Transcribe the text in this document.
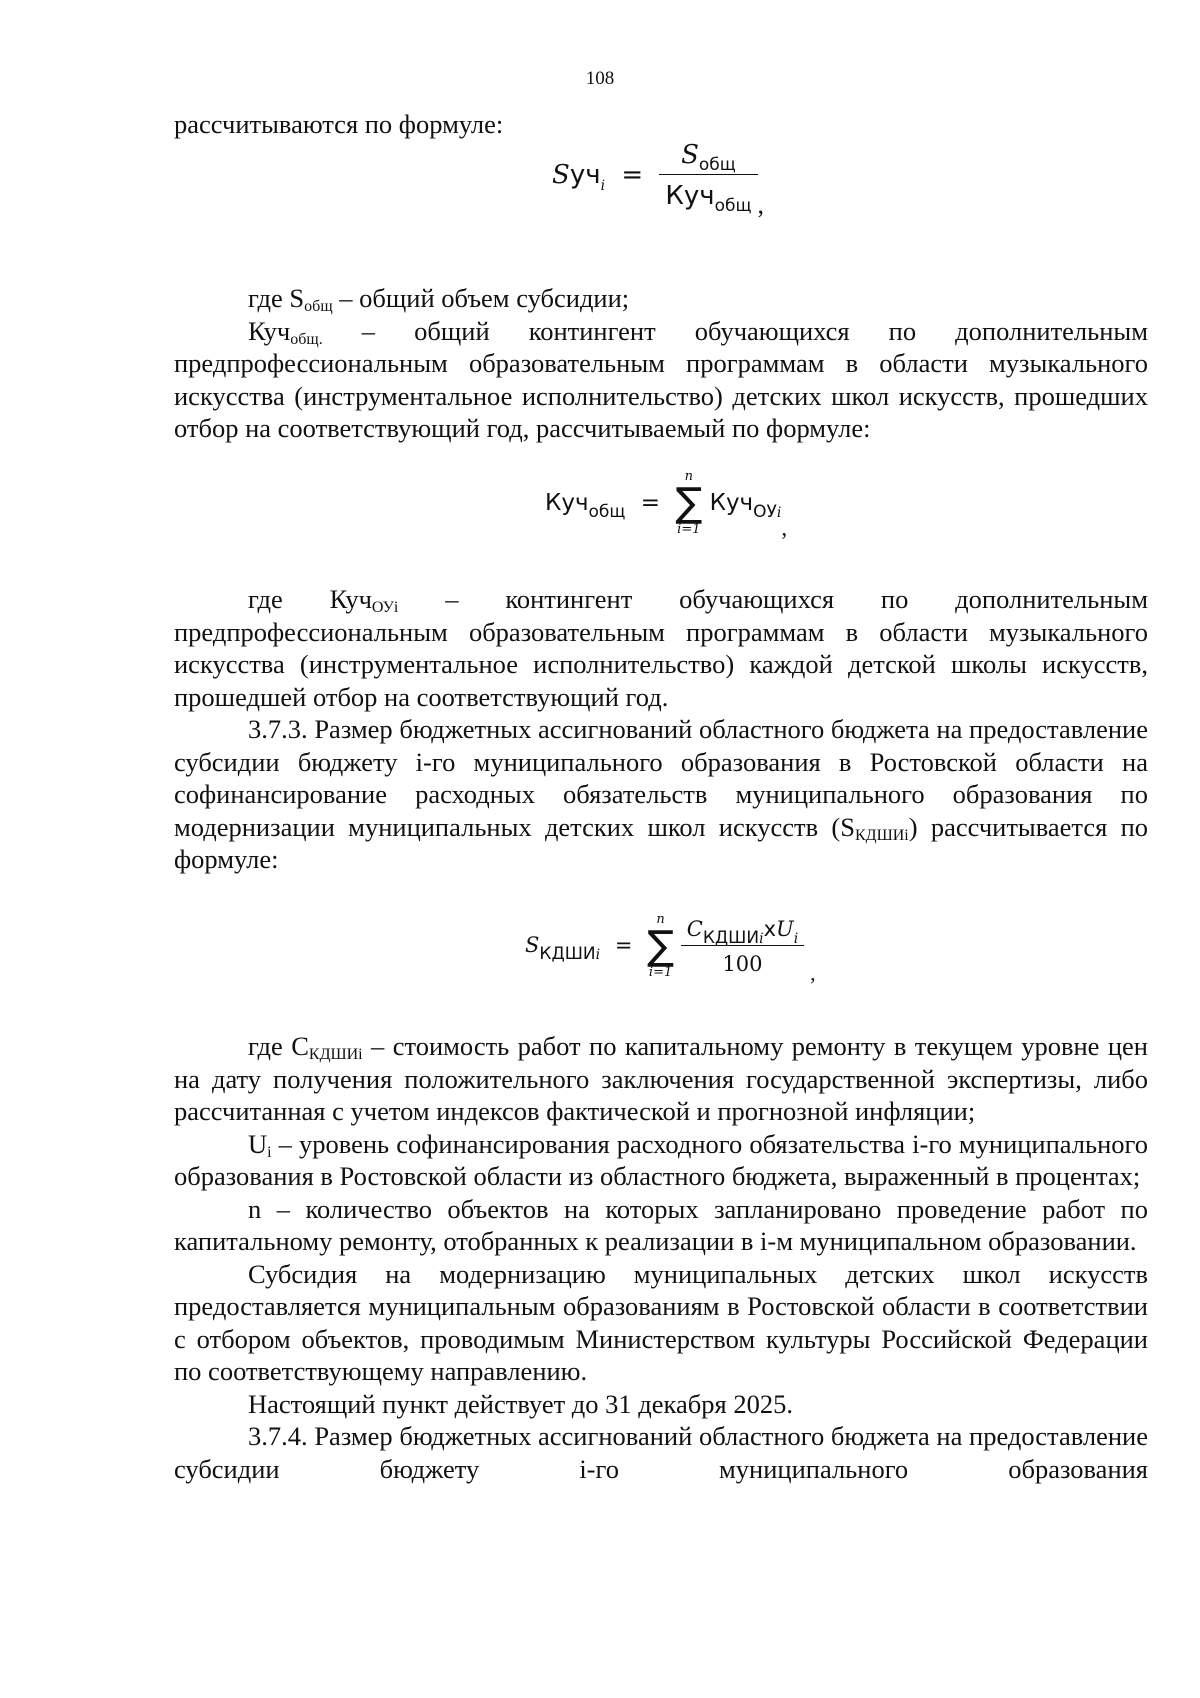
108

рассчитываются по формуле:

$Sуч_i = \frac{S_{общ}}{Куч_{общ}}$ ,

где $S_{общ}$ – общий объем субсидии;

Куч$_{общ.}$ – общий контингент обучающихся по дополнительным предпрофессиональным образовательным программам в области музыкального искусства (инструментальное исполнительство) детских школ искусств, прошедших отбор на соответствующий год, рассчитываемый по формуле:

Куч$_{общ}$ =
n
∑
i=1
Куч$_{ОУi}$,

где Куч$_{ОУi}$ – контингент обучающихся по дополнительным предпрофессиональным образовательным программам в области музыкального искусства (инструментальное исполнительство) каждой детской школы искусств, прошедшей отбор на соответствующий год.

3.7.3. Размер бюджетных ассигнований областного бюджета на предоставление субсидии бюджету i-го муниципального образования в Ростовской области на софинансирование расходных обязательств муниципального образования по модернизации муниципальных детских школ искусств $(S_{КДШИi})$ рассчитывается по формуле:

$S_{КДШИi}$ =
n
∑
i=1
$\frac{C_{КДШИi}xU_i}{100}$ ,

где $С_{КДШИi}$ – стоимость работ по капитальному ремонту в текущем уровне цен на дату получения положительного заключения государственной экспертизы, либо рассчитанная с учетом индексов фактической и прогнозной инфляции;

$U_i$ – уровень софинансирования расходного обязательства i-го муниципального образования в Ростовской области из областного бюджета, выраженный в процентах;

n – количество объектов на которых запланировано проведение работ по капитальному ремонту, отобранных к реализации в i-м муниципальном образовании.

Субсидия на модернизацию муниципальных детских школ искусств предоставляется муниципальным образованиям в Ростовской области в соответствии с отбором объектов, проводимым Министерством культуры Российской Федерации по соответствующему направлению.

Настоящий пункт действует до 31 декабря 2025.

3.7.4. Размер бюджетных ассигнований областного бюджета на предоставление субсидии бюджету i-го муниципального образования
